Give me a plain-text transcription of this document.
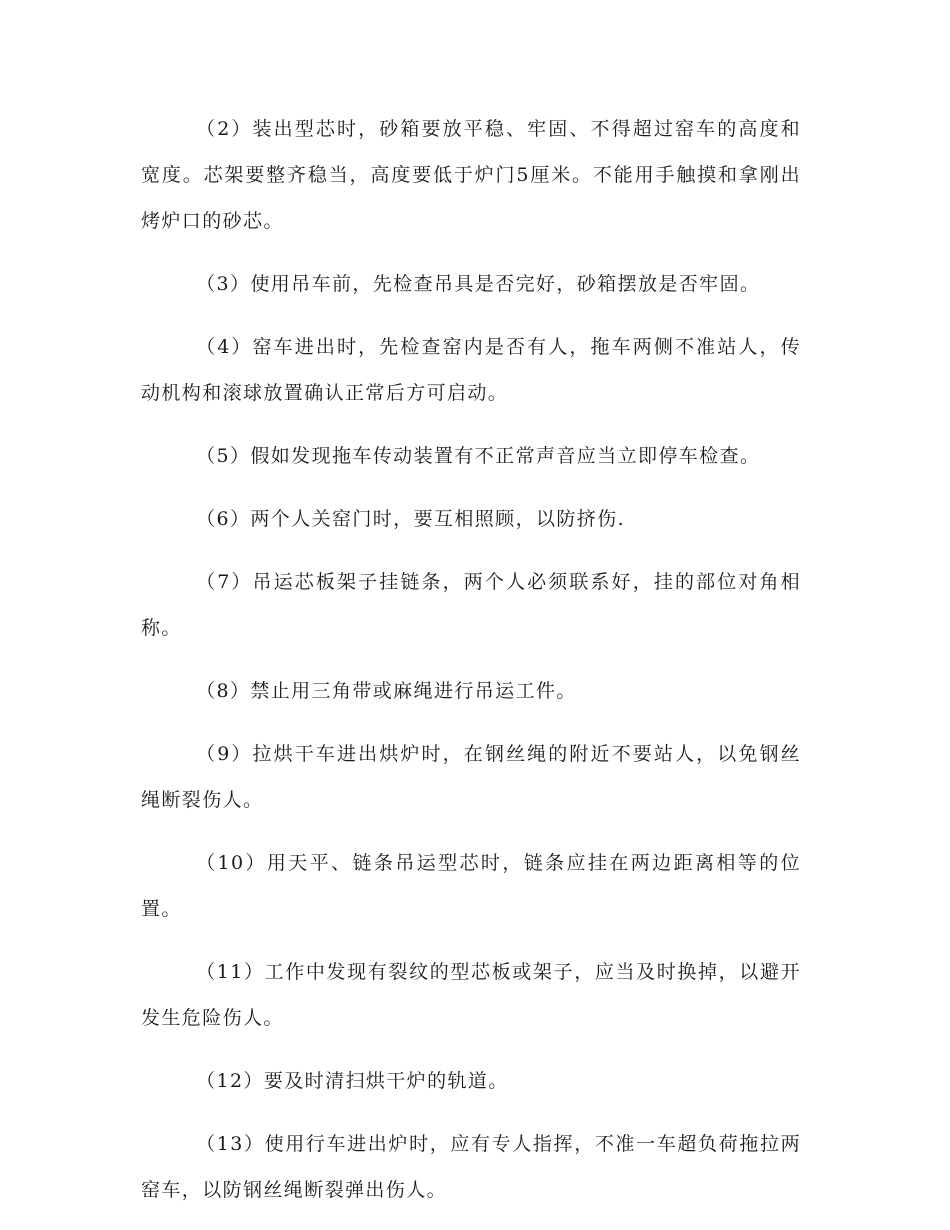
（2）装出型芯时，砂箱要放平稳、牢固、不得超过窑车的高度和宽度。芯架要整齐稳当，高度要低于炉门5厘米。不能用手触摸和拿刚出烤炉口的砂芯。

（3）使用吊车前，先检查吊具是否完好，砂箱摆放是否牢固。

（4）窑车进出时，先检查窑内是否有人，拖车两侧不准站人，传动机构和滚球放置确认正常后方可启动。

（5）假如发现拖车传动装置有不正常声音应当立即停车检查。

（6）两个人关窑门时，要互相照顾，以防挤伤.

（7）吊运芯板架子挂链条，两个人必须联系好，挂的部位对角相称。

（8）禁止用三角带或麻绳进行吊运工件。

（9）拉烘干车进出烘炉时，在钢丝绳的附近不要站人，以免钢丝绳断裂伤人。

（10）用天平、链条吊运型芯时，链条应挂在两边距离相等的位置。

（11）工作中发现有裂纹的型芯板或架子，应当及时换掉，以避开发生危险伤人。

（12）要及时清扫烘干炉的轨道。

（13）使用行车进出炉时，应有专人指挥，不准一车超负荷拖拉两窑车，以防钢丝绳断裂弹出伤人。
